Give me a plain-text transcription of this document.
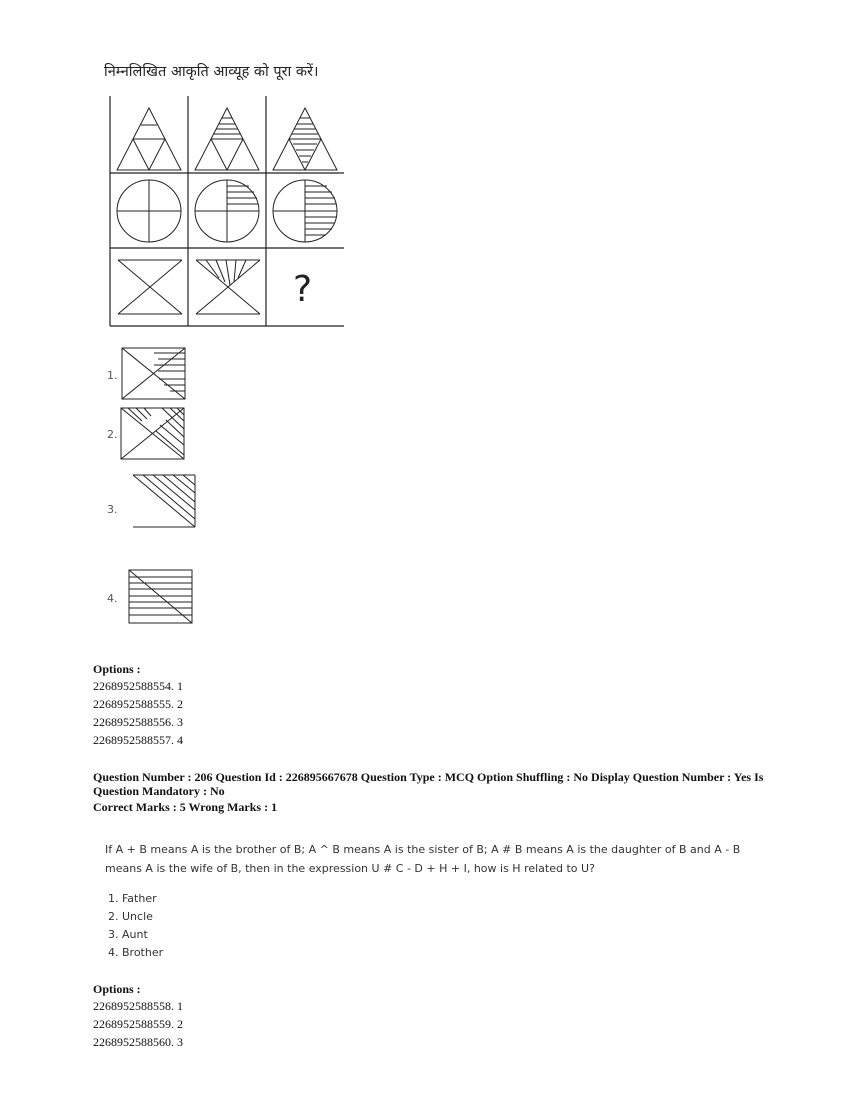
निम्नलिखित आकृति आव्यूह को पूरा करें।
?
1.
2.
3.
4.
Options :
2268952588554. 1
2268952588555. 2
2268952588556. 3
2268952588557. 4
Question Number : 206 Question Id : 226895667678 Question Type : MCQ Option Shuffling : No Display Question Number : Yes Is Question Mandatory : No
Correct Marks : 5 Wrong Marks : 1
If A + B means A is the brother of B; A ^ B means A is the sister of B; A # B means A is the daughter of B and A - B means A is the wife of B, then in the expression U # C - D + H + I, how is H related to U?
1. Father
2. Uncle
3. Aunt
4. Brother
Options :
2268952588558. 1
2268952588559. 2
2268952588560. 3
